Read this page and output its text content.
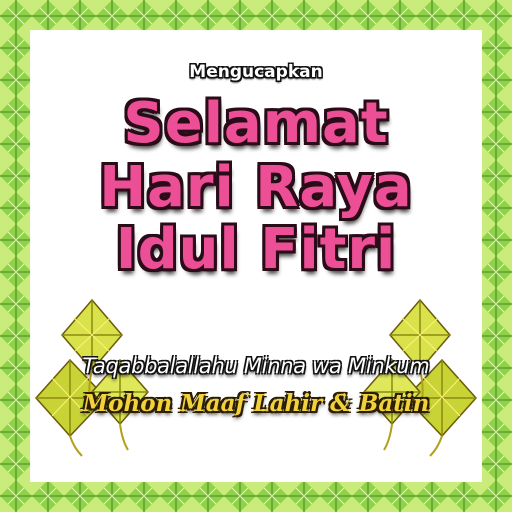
Mengucapkan
Selamat
Hari Raya
Idul Fitri
Taqabbalallahu Minna wa Minkum
Mohon Maaf Lahir & Batin
